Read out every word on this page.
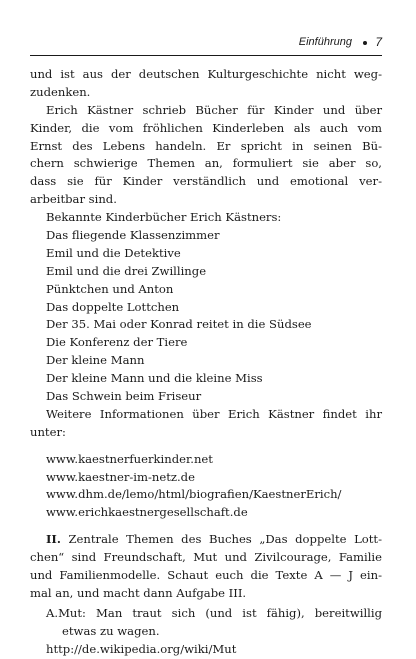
Einführung 7
und ist aus der deutschen Kulturgeschichte nicht weg-
zudenken.
Erich Kästner schrieb Bücher für Kinder und über
Kinder, die vom fröhlichen Kinderleben als auch vom
Ernst des Lebens handeln. Er spricht in seinen Bü-
chern schwierige Themen an, formuliert sie aber so,
dass sie für Kinder verständlich und emotional ver-
arbeitbar sind.
Bekannte Kinderbücher Erich Kästners:
Das fliegende Klassenzimmer
Emil und die Detektive
Emil und die drei Zwillinge
Pünktchen und Anton
Das doppelte Lottchen
Der 35. Mai oder Konrad reitet in die Südsee
Die Konferenz der Tiere
Der kleine Mann
Der kleine Mann und die kleine Miss
Das Schwein beim Friseur
Weitere Informationen über Erich Kästner findet ihr
unter:
www.kaestnerfuerkinder.net
www.kaestner-im-netz.de
www.dhm.de/lemo/html/biografien/KaestnerErich/
www.erichkaestnergesellschaft.de
II. Zentrale Themen des Buches „Das doppelte Lott-
chen“ sind Freundschaft, Mut und Zivilcourage, Familie
und Familienmodelle. Schaut euch die Texte A — J ein-
mal an, und macht dann Aufgabe III.
A.Mut: Man traut sich (und ist fähig), bereitwillig
etwas zu wagen.
http://de.wikipedia.org/wiki/Mut
